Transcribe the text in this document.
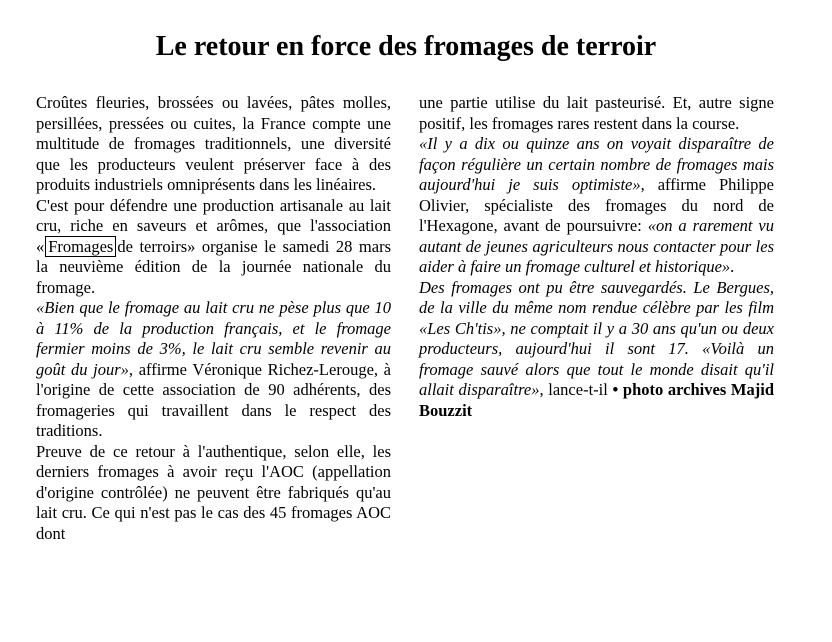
Le retour en force des fromages de terroir

Croûtes fleuries, brossées ou lavées, pâtes molles, persillées, pressées ou cuites, la France compte une multitude de fromages traditionnels, une diversité que les producteurs veulent préserver face à des produits industriels omniprésents dans les linéaires.

C'est pour défendre une production artisanale au lait cru, riche en saveurs et arômes, que l'association « Fromages de terroirs» organise le samedi 28 mars la neuvième édition de la journée nationale du fromage.

«Bien que le fromage au lait cru ne pèse plus que 10 à 11% de la production français, et le fromage fermier moins de 3%, le lait cru semble revenir au goût du jour», affirme Véronique Richez-Lerouge, à l'origine de cette association de 90 adhérents, des fromageries qui travaillent dans le respect des traditions.

Preuve de ce retour à l'authentique, selon elle, les derniers fromages à avoir reçu l'AOC (appellation d'origine contrôlée) ne peuvent être fabriqués qu'au lait cru. Ce qui n'est pas le cas des 45 fromages AOC dont

une partie utilise du lait pasteurisé. Et, autre signe positif, les fromages rares restent dans la course.

«Il y a dix ou quinze ans on voyait disparaître de façon régulière un certain nombre de fromages mais aujourd'hui je suis optimiste», affirme Philippe Olivier, spécialiste des fromages du nord de l'Hexagone, avant de poursuivre: «on a rarement vu autant de jeunes agriculteurs nous contacter pour les aider à faire un fromage culturel et historique».

Des fromages ont pu être sauvegardés. Le Bergues, de la ville du même nom rendue célèbre par les film «Les Ch'tis», ne comptait il y a 30 ans qu'un ou deux producteurs, aujourd'hui il sont 17. «Voilà un fromage sauvé alors que tout le monde disait qu'il allait disparaître», lance-t-il • photo archives Majid Bouzzit
